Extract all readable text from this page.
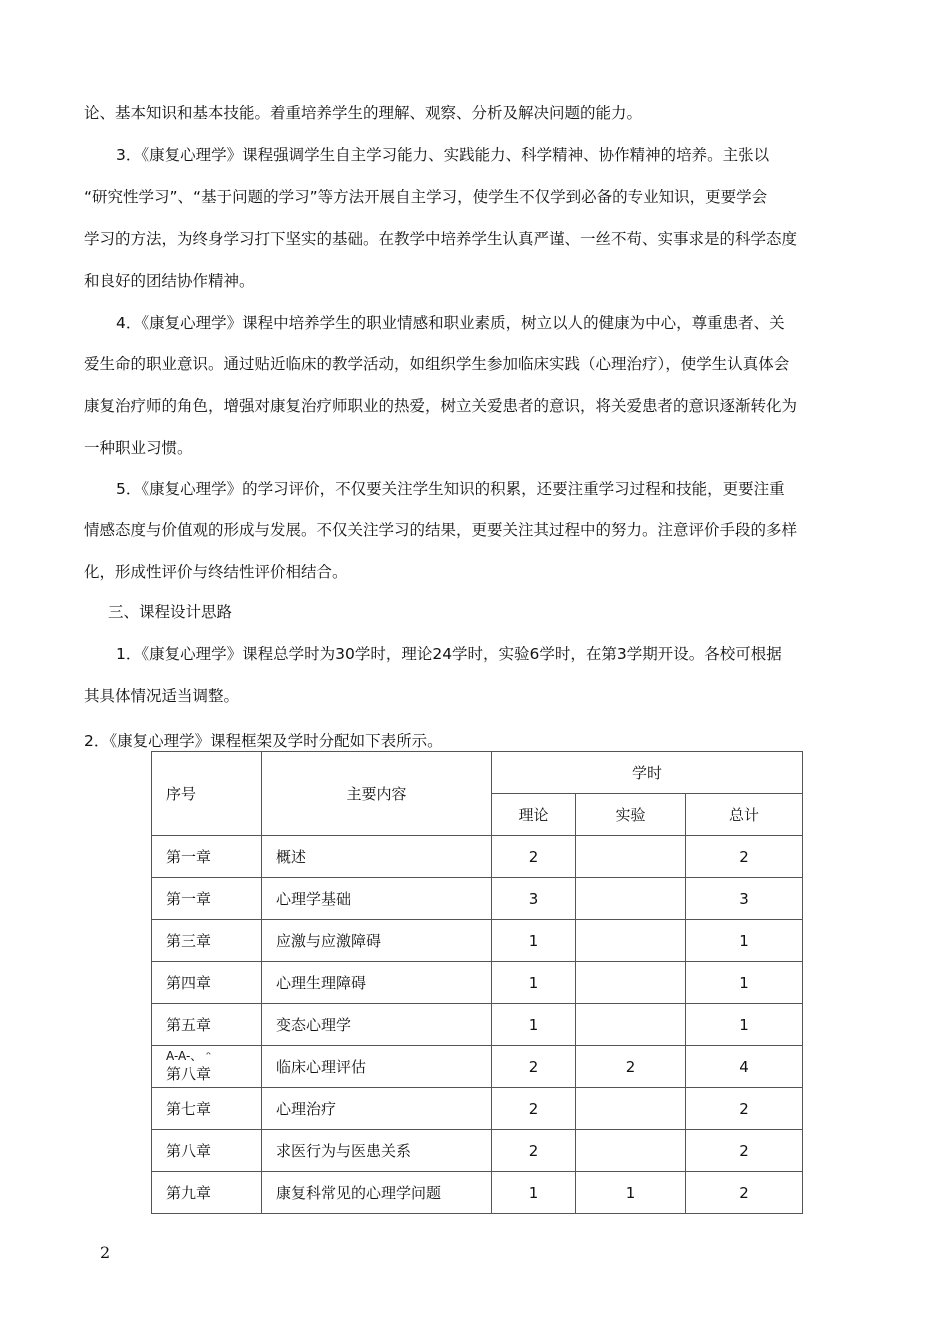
论、基本知识和基本技能。着重培养学生的理解、观察、分析及解决问题的能力。
3．《康复心理学》课程强调学生自主学习能力、实践能力、科学精神、协作精神的培养。主张以
“研究性学习”、“基于问题的学习”等方法开展自主学习，使学生不仅学到必备的专业知识，更要学会
学习的方法，为终身学习打下坚实的基础。在教学中培养学生认真严谨、一丝不苟、实事求是的科学态度
和良好的团结协作精神。
4．《康复心理学》课程中培养学生的职业情感和职业素质，树立以人的健康为中心，尊重患者、关
爱生命的职业意识。通过贴近临床的教学活动，如组织学生参加临床实践（心理治疗），使学生认真体会
康复治疗师的角色，增强对康复治疗师职业的热爱，树立关爱患者的意识，将关爱患者的意识逐渐转化为
一种职业习惯。
5．《康复心理学》的学习评价，不仅要关注学生知识的积累，还要注重学习过程和技能，更要注重
情感态度与价值观的形成与发展。不仅关注学习的结果，更要关注其过程中的努力。注意评价手段的多样
化，形成性评价与终结性评价相结合。
三、课程设计思路
1．《康复心理学》课程总学时为30学时，理论24学时，实验6学时，在第3学期开设。各校可根据
其具体情况适当调整。
2．《康复心理学》课程框架及学时分配如下表所示。
序号	主要内容	学时		
		理论	实验	总计
第一章	概述	2		2
第一章	心理学基础	3		3
第三章	应激与应激障碍	1		1
第四章	心理生理障碍	1		1
第五章	变态心理学	1		1

A-A-、 ᵔ
第八章	临床心理评估	2	2	4
第七章	心理治疗	2		2
第八章	求医行为与医患关系	2		2
第九章	康复科常见的心理学问题	1	1	2
2
